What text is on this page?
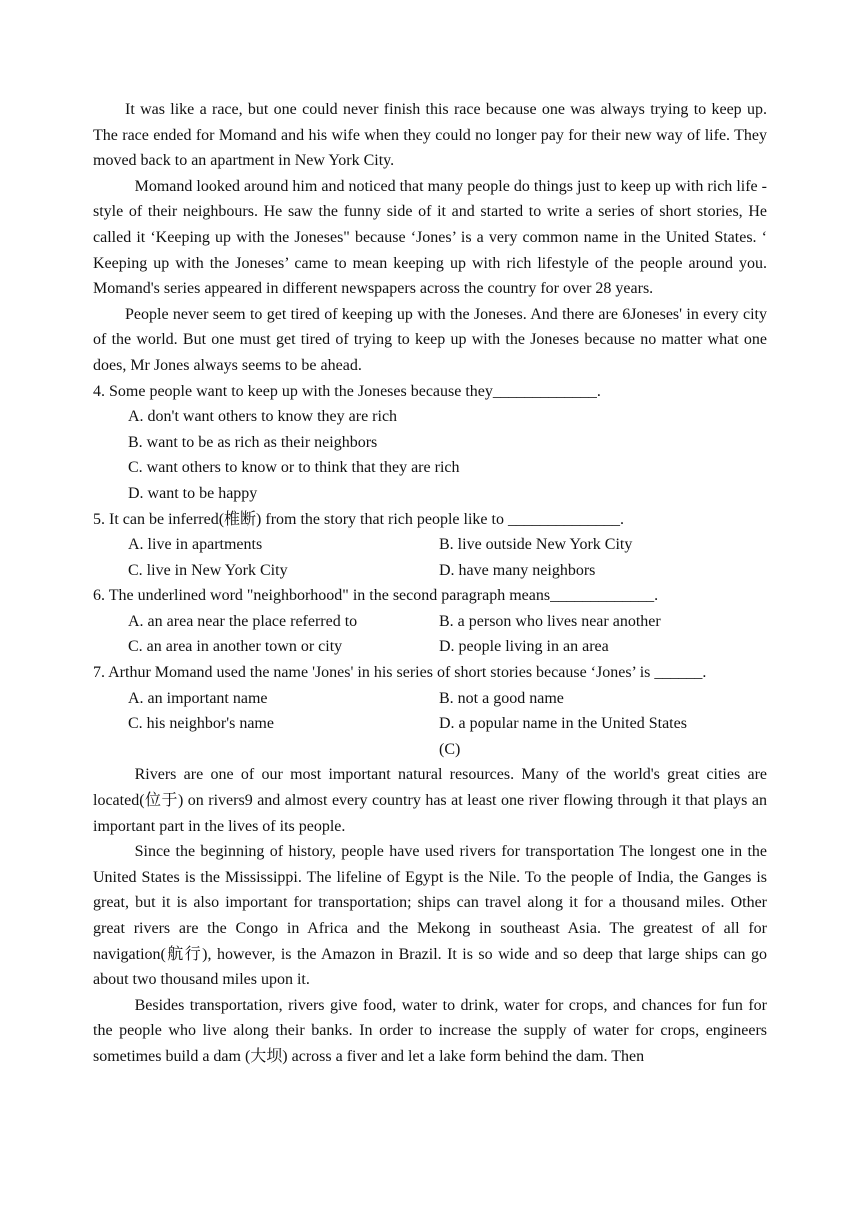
It was like a race, but one could never finish this race because one was always trying to keep up. The race ended for Momand and his wife when they could no longer pay for their new way of life. They moved back to an apartment in New York City.

Momand looked around him and noticed that many people do things just to keep up with rich life - style of their neighbours. He saw the funny side of it and started to write a series of short stories, He called it ‘Keeping up with the Joneses" because ‘Jones’ is a very common name in the United States. ‘ Keeping up with the Joneses’ came to mean keeping up with rich lifestyle of the people around you. Momand's series appeared in different newspapers across the country for over 28 years.

People never seem to get tired of keeping up with the Joneses. And there are 6Joneses' in every city of the world. But one must get tired of trying to keep up with the Joneses because no matter what one does, Mr Jones always seems to be ahead.

4. Some people want to keep up with the Joneses because they_____________.

A. don't want others to know they are rich

B. want to be as rich as their neighbors

C. want others to know or to think that they are rich

D. want to be happy

5. It can be inferred(椎断) from the story that rich people like to ______________.

A. live in apartments	B. live outside New York City
C. live in New York City	D. have many neighbors

6. The underlined word "neighborhood" in the second paragraph means_____________.

A. an area near the place referred to	B. a person who lives near another
C. an area in another town or city	D. people living in an area

7. Arthur Momand used the name 'Jones' in his series of short stories because ‘Jones’ is ______.

A. an important name	B. not a good name
C. his neighbor's name	D. a popular name in the United States

(C)

Rivers are one of our most important natural resources. Many of the world's great cities are located(位于) on rivers9 and almost every country has at least one river flowing through it that plays an important part in the lives of its people.

Since the beginning of history, people have used rivers for transportation The longest one in the United States is the Mississippi. The lifeline of Egypt is the Nile. To the people of India, the Ganges is great, but it is also important for transportation; ships can travel along it for a thousand miles. Other great rivers are the Congo in Africa and the Mekong in southeast Asia. The greatest of all for navigation(航行), however, is the Amazon in Brazil. It is so wide and so deep that large ships can go about two thousand miles upon it.

Besides transportation, rivers give food, water to drink, water for crops, and chances for fun for the people who live along their banks. In order to increase the supply of water for crops, engineers sometimes build a dam (大坝) across a fiver and let a lake form behind the dam. Then
